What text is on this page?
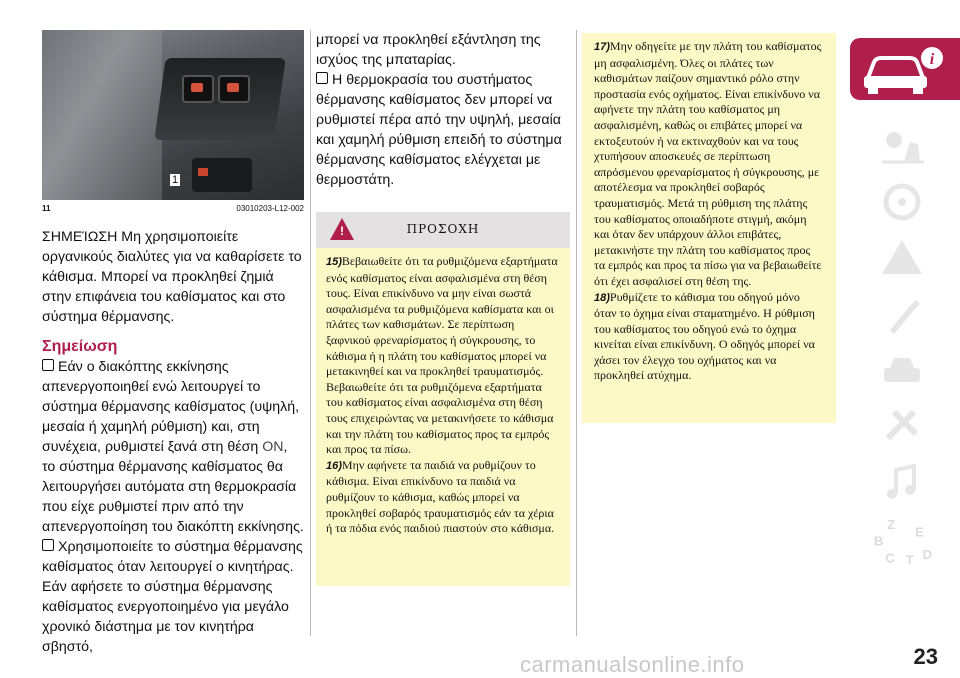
1
11	03010203-L12-002

ΣΗΜΕΊΩΣΗ Μη χρησιμοποιείτε οργανικούς διαλύτες για να καθαρίσετε το κάθισμα. Μπορεί να προκληθεί ζημιά στην επιφάνεια του καθίσματος και στο σύστημα θέρμανσης.

Σημείωση

Εάν ο διακόπτης εκκίνησης απενεργοποιηθεί ενώ λειτουργεί το σύστημα θέρμανσης καθίσματος (υψηλή, μεσαία ή χαμηλή ρύθμιση) και, στη συνέχεια, ρυθμιστεί ξανά στη θέση ON, το σύστημα θέρμανσης καθίσματος θα λειτουργήσει αυτόματα στη θερμοκρασία που είχε ρυθμιστεί πριν από την απενεργοποίηση του διακόπτη εκκίνησης.

Χρησιμοποιείτε το σύστημα θέρμανσης καθίσματος όταν λειτουργεί ο κινητήρας. Εάν αφήσετε το σύστημα θέρμανσης καθίσματος ενεργοποιημένο για μεγάλο χρονικό διάστημα με τον κινητήρα σβηστό,

μπορεί να προκληθεί εξάντληση της ισχύος της μπαταρίας.

Η θερμοκρασία του συστήματος θέρμανσης καθίσματος δεν μπορεί να ρυθμιστεί πέρα από την υψηλή, μεσαία και χαμηλή ρύθμιση επειδή το σύστημα θέρμανσης καθίσματος ελέγχεται με θερμοστάτη.

!	ΠΡΟΣΟΧΗ

15)Βεβαιωθείτε ότι τα ρυθμιζόμενα εξαρτήματα ενός καθίσματος είναι ασφαλισμένα στη θέση τους. Είναι επικίνδυνο να μην είναι σωστά ασφαλισμένα τα ρυθμιζόμενα καθίσματα και οι πλάτες των καθισμάτων. Σε περίπτωση ξαφνικού φρεναρίσματος ή σύγκρουσης, το κάθισμα ή η πλάτη του καθίσματος μπορεί να μετακινηθεί και να προκληθεί τραυματισμός. Βεβαιωθείτε ότι τα ρυθμιζόμενα εξαρτήματα του καθίσματος είναι ασφαλισμένα στη θέση τους επιχειρώντας να μετακινήσετε το κάθισμα και την πλάτη του καθίσματος προς τα εμπρός και προς τα πίσω.

16)Μην αφήνετε τα παιδιά να ρυθμίζουν το κάθισμα. Είναι επικίνδυνο τα παιδιά να ρυθμίζουν το κάθισμα, καθώς μπορεί να προκληθεί σοβαρός τραυματισμός εάν τα χέρια ή τα πόδια ενός παιδιού πιαστούν στο κάθισμα.

17)Μην οδηγείτε με την πλάτη του καθίσματος μη ασφαλισμένη. Όλες οι πλάτες των καθισμάτων παίζουν σημαντικό ρόλο στην προστασία ενός οχήματος. Είναι επικίνδυνο να αφήνετε την πλάτη του καθίσματος μη ασφαλισμένη, καθώς οι επιβάτες μπορεί να εκτοξευτούν ή να εκτιναχθούν και να τους χτυπήσουν αποσκευές σε περίπτωση απρόσμενου φρεναρίσματος ή σύγκρουσης, με αποτέλεσμα να προκληθεί σοβαρός τραυματισμός. Μετά τη ρύθμιση της πλάτης του καθίσματος οποιαδήποτε στιγμή, ακόμη και όταν δεν υπάρχουν άλλοι επιβάτες, μετακινήστε την πλάτη του καθίσματος προς τα εμπρός και προς τα πίσω για να βεβαιωθείτε ότι έχει ασφαλισεί στη θέση της.

18)Ρυθμίζετε το κάθισμα του οδηγού μόνο όταν το όχημα είναι σταματημένο. Η ρύθμιση του καθίσματος του οδηγού ενώ το όχημα κινείται είναι επικίνδυνη. Ο οδηγός μπορεί να χάσει τον έλεγχο του οχήματος και να προκληθεί ατύχημα.

i
Z
B
C D
T
E
23
carmanualsonline.info
